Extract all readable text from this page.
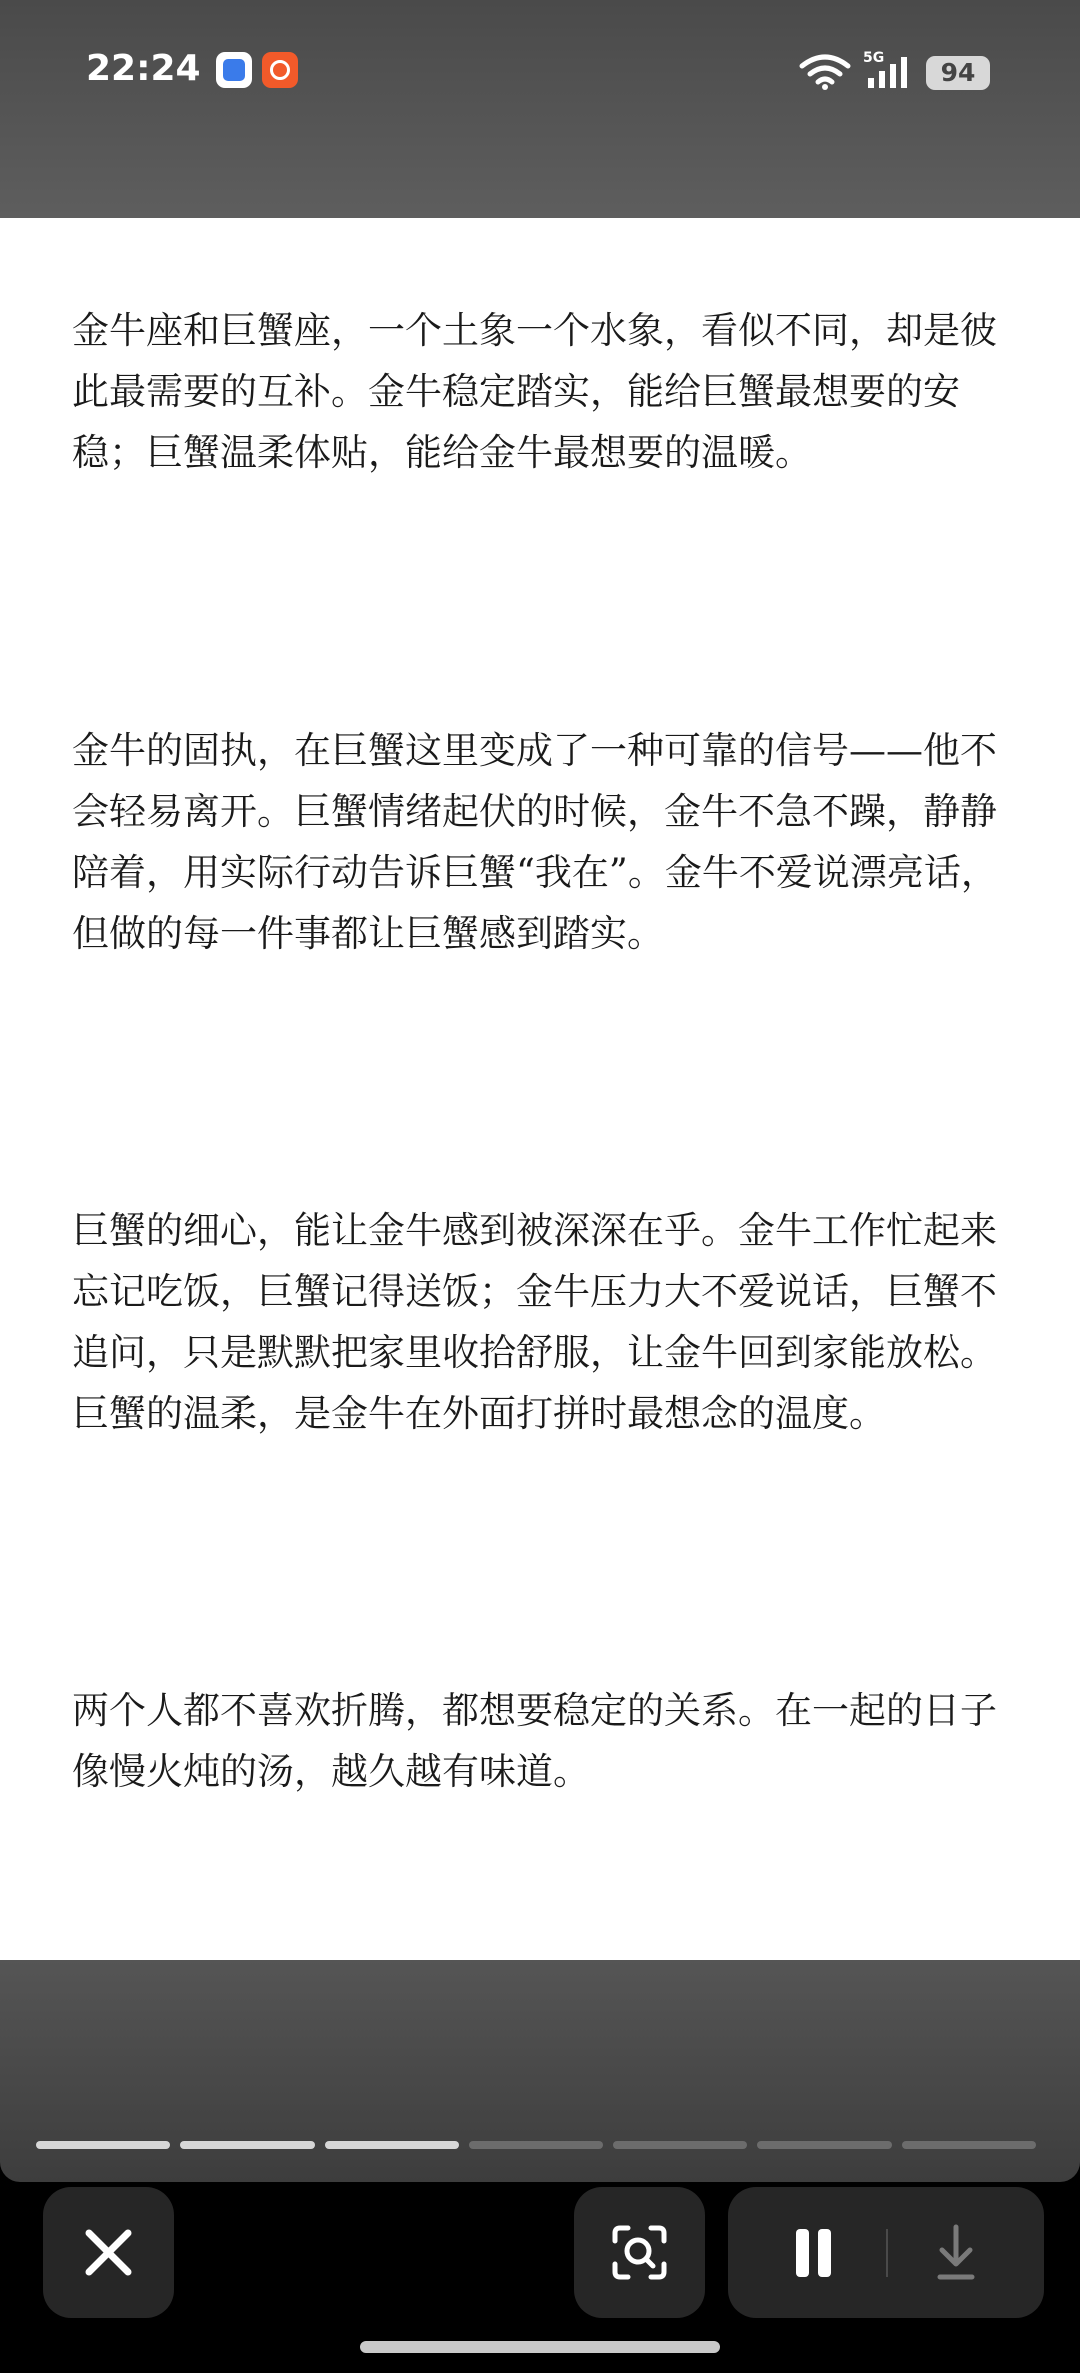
22:24	5G	94

金牛座和巨蟹座，一个土象一个水象，看似不同，却是彼此最需要的互补。金牛稳定踏实，能给巨蟹最想要的安稳；巨蟹温柔体贴，能给金牛最想要的温暖。

金牛的固执，在巨蟹这里变成了一种可靠的信号——他不会轻易离开。巨蟹情绪起伏的时候，金牛不急不躁，静静陪着，用实际行动告诉巨蟹“我在”。金牛不爱说漂亮话，但做的每一件事都让巨蟹感到踏实。

巨蟹的细心，能让金牛感到被深深在乎。金牛工作忙起来忘记吃饭，巨蟹记得送饭；金牛压力大不爱说话，巨蟹不追问，只是默默把家里收拾舒服，让金牛回到家能放松。巨蟹的温柔，是金牛在外面打拼时最想念的温度。

两个人都不喜欢折腾，都想要稳定的关系。在一起的日子像慢火炖的汤，越久越有味道。
